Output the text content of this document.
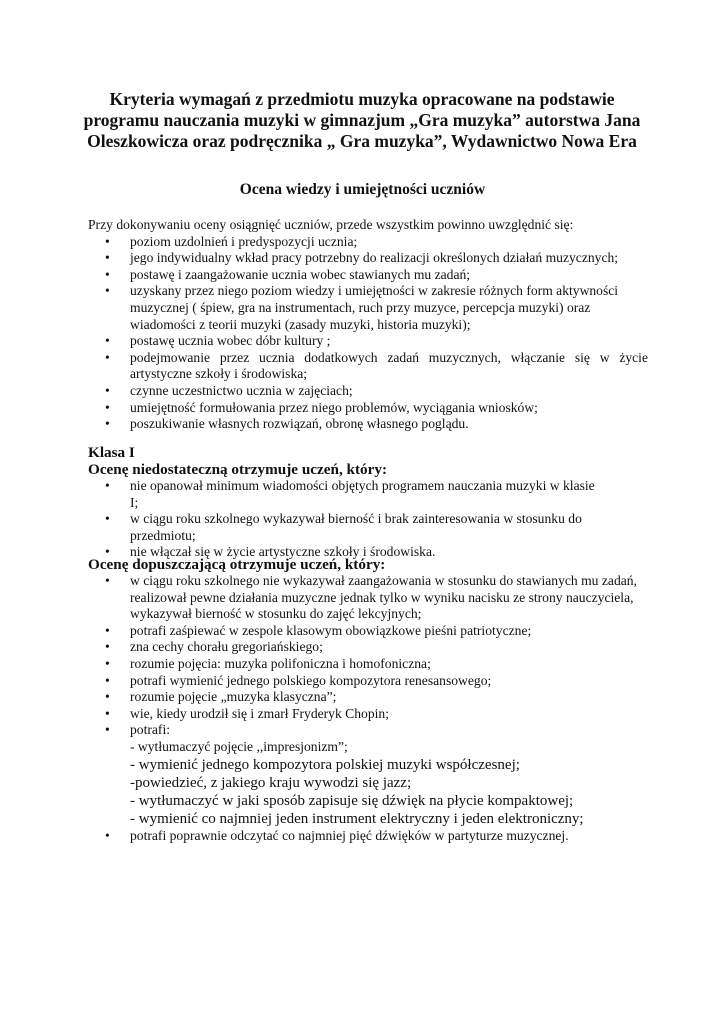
Kryteria wymagań z przedmiotu muzyka opracowane na podstawie
programu nauczania muzyki w gimnazjum „Gra muzyka” autorstwa Jana
Oleszkowicza oraz podręcznika „ Gra muzyka”, Wydawnictwo Nowa Era
Ocena wiedzy i umiejętności uczniów
Przy dokonywaniu oceny osiągnięć uczniów, przede wszystkim powinno uwzględnić się:
• poziom uzdolnień i predyspozycji ucznia;
• jego indywidualny wkład pracy potrzebny do realizacji określonych działań muzycznych;
• postawę i zaangażowanie ucznia wobec stawianych mu zadań;
• uzyskany przez niego poziom wiedzy i umiejętności w zakresie różnych form aktywności muzycznej ( śpiew, gra na instrumentach, ruch przy muzyce, percepcja muzyki) oraz wiadomości z teorii muzyki (zasady muzyki, historia muzyki);
• postawę ucznia wobec dóbr kultury ;
• podejmowanie przez ucznia dodatkowych zadań muzycznych, włączanie się w życie artystyczne szkoły i środowiska;
• czynne uczestnictwo ucznia w zajęciach;
• umiejętność formułowania przez niego problemów, wyciągania wniosków;
• poszukiwanie własnych rozwiązań, obronę własnego poglądu.
Klasa I
Ocenę niedostateczną otrzymuje uczeń, który:
• nie opanował minimum wiadomości objętych programem nauczania muzyki w klasie I;
• w ciągu roku szkolnego wykazywał bierność i brak zainteresowania w stosunku do przedmiotu;
• nie włączał się w życie artystyczne szkoły i środowiska.
Ocenę dopuszczającą otrzymuje uczeń, który:
• w ciągu roku szkolnego nie wykazywał zaangażowania w stosunku do stawianych mu zadań, realizował pewne działania muzyczne jednak tylko w wyniku nacisku ze strony nauczyciela, wykazywał bierność w stosunku do zajęć lekcyjnych;
• potrafi zaśpiewać w zespole klasowym obowiązkowe pieśni patriotyczne;
• zna cechy chorału gregoriańskiego;
• rozumie pojęcia: muzyka polifoniczna i homofoniczna;
• potrafi wymienić jednego polskiego kompozytora renesansowego;
• rozumie pojęcie „muzyka klasyczna”;
• wie, kiedy urodził się i zmarł Fryderyk Chopin;
• potrafi:
- wytłumaczyć pojęcie ,,impresjonizm”;
- wymienić jednego kompozytora polskiej muzyki współczesnej;
-powiedzieć, z jakiego kraju wywodzi się jazz;
- wytłumaczyć w jaki sposób zapisuje się dźwięk na płycie kompaktowej;
- wymienić co najmniej jeden instrument elektryczny i jeden elektroniczny;
• potrafi poprawnie odczytać co najmniej pięć dźwięków w partyturze muzycznej.
